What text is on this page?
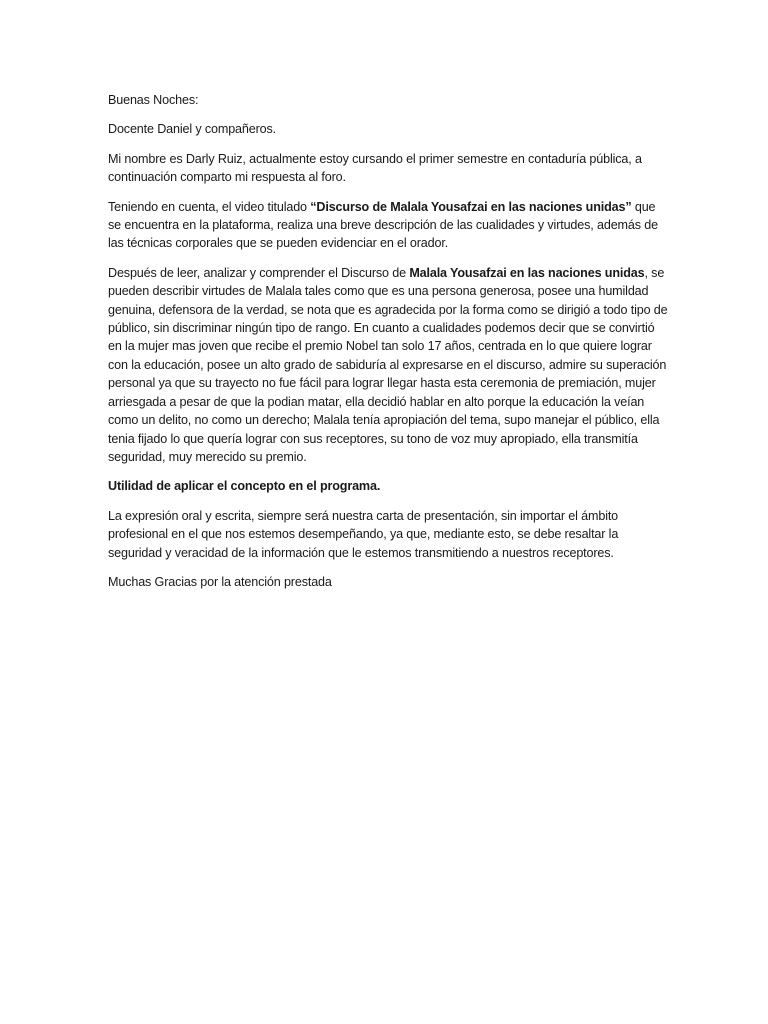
Buenas Noches:

Docente Daniel y compañeros.

Mi nombre es Darly Ruiz, actualmente estoy cursando el primer semestre en contaduría pública, a continuación comparto mi respuesta al foro.

Teniendo en cuenta, el video titulado “Discurso de Malala Yousafzai en las naciones unidas” que se encuentra en la plataforma, realiza una breve descripción de las cualidades y virtudes, además de las técnicas corporales que se pueden evidenciar en el orador.

Después de leer, analizar y comprender el Discurso de Malala Yousafzai en las naciones unidas, se pueden describir virtudes de Malala tales como que es una persona generosa, posee una humildad genuina, defensora de la verdad, se nota que es agradecida por la forma como se dirigió a todo tipo de público, sin discriminar ningún tipo de rango. En cuanto a cualidades podemos decir que se convirtió en la mujer mas joven que recibe el premio Nobel tan solo 17 años, centrada en lo que quiere lograr con la educación, posee un alto grado de sabiduría al expresarse en el discurso, admire su superación personal ya que su trayecto no fue fácil para lograr llegar hasta esta ceremonia de premiación, mujer arriesgada a pesar de que la podian matar, ella decidió hablar en alto porque la educación la veían como un delito, no como un derecho; Malala tenía apropiación del tema, supo manejar el público, ella tenia fijado lo que quería lograr con sus receptores, su tono de voz muy apropiado, ella transmitía seguridad, muy merecido su premio.

Utilidad de aplicar el concepto en el programa.

La expresión oral y escrita, siempre será nuestra carta de presentación, sin importar el ámbito profesional en el que nos estemos desempeñando, ya que, mediante esto, se debe resaltar la seguridad y veracidad de la información que le estemos transmitiendo a nuestros receptores.

Muchas Gracias por la atención prestada
